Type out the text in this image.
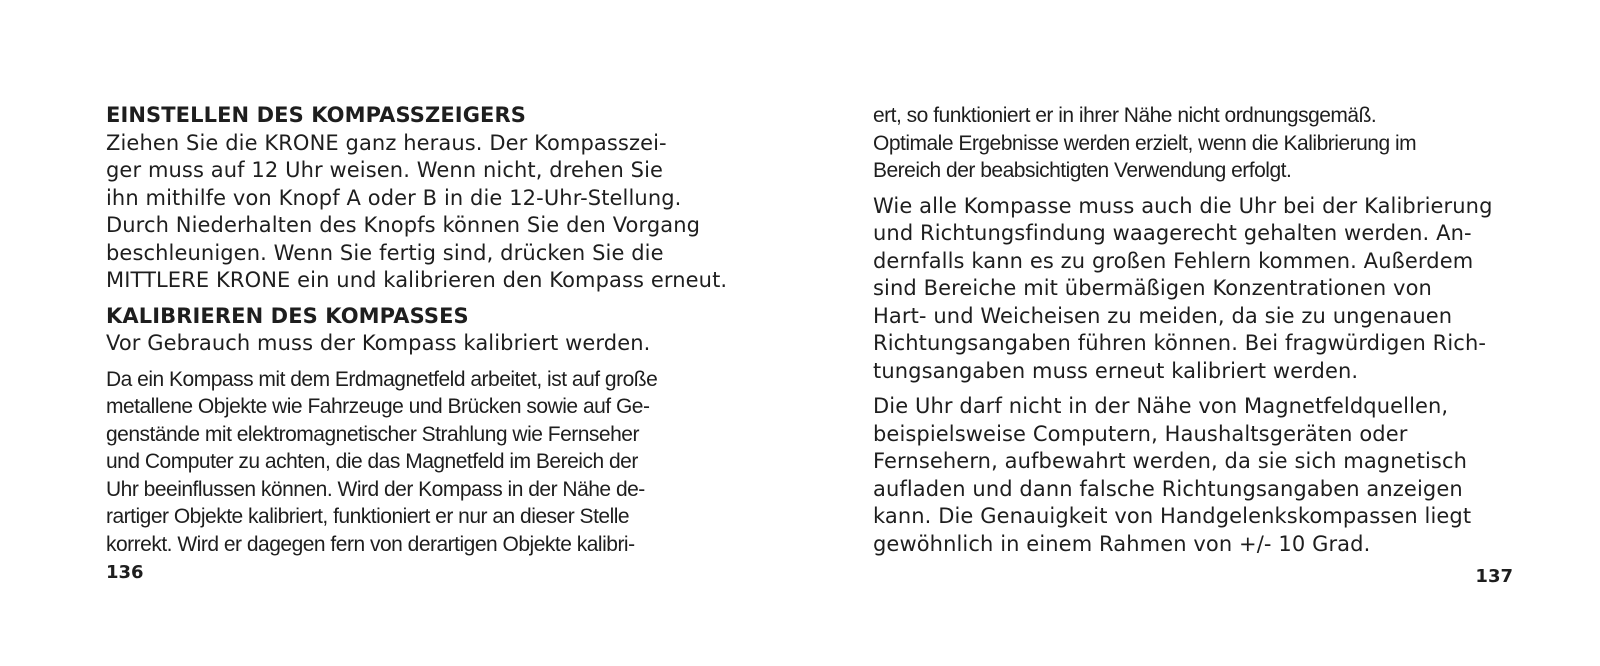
EINSTELLEN DES KOMPASSZEIGERS
Ziehen Sie die KRONE ganz heraus. Der Kompasszei-
ger muss auf 12 Uhr weisen. Wenn nicht, drehen Sie
ihn mithilfe von Knopf A oder B in die 12-Uhr-Stellung.
Durch Niederhalten des Knopfs können Sie den Vorgang
beschleunigen. Wenn Sie fertig sind, drücken Sie die
MITTLERE KRONE ein und kalibrieren den Kompass erneut.
KALIBRIEREN DES KOMPASSES
Vor Gebrauch muss der Kompass kalibriert werden.
Da ein Kompass mit dem Erdmagnetfeld arbeitet, ist auf große
metallene Objekte wie Fahrzeuge und Brücken sowie auf Ge-
genstände mit elektromagnetischer Strahlung wie Fernseher
und Computer zu achten, die das Magnetfeld im Bereich der
Uhr beeinflussen können. Wird der Kompass in der Nähe de-
rartiger Objekte kalibriert, funktioniert er nur an dieser Stelle
korrekt. Wird er dagegen fern von derartigen Objekte kalibri-
136
ert, so funktioniert er in ihrer Nähe nicht ordnungsgemäß.
Optimale Ergebnisse werden erzielt, wenn die Kalibrierung im
Bereich der beabsichtigten Verwendung erfolgt.
Wie alle Kompasse muss auch die Uhr bei der Kalibrierung
und Richtungsfindung waagerecht gehalten werden. An-
dernfalls kann es zu großen Fehlern kommen. Außerdem
sind Bereiche mit übermäßigen Konzentrationen von
Hart- und Weicheisen zu meiden, da sie zu ungenauen
Richtungsangaben führen können. Bei fragwürdigen Rich-
tungsangaben muss erneut kalibriert werden.
Die Uhr darf nicht in der Nähe von Magnetfeldquellen,
beispielsweise Computern, Haushaltsgeräten oder
Fernsehern, aufbewahrt werden, da sie sich magnetisch
aufladen und dann falsche Richtungsangaben anzeigen
kann. Die Genauigkeit von Handgelenkskompassen liegt
gewöhnlich in einem Rahmen von +/- 10 Grad.
137
